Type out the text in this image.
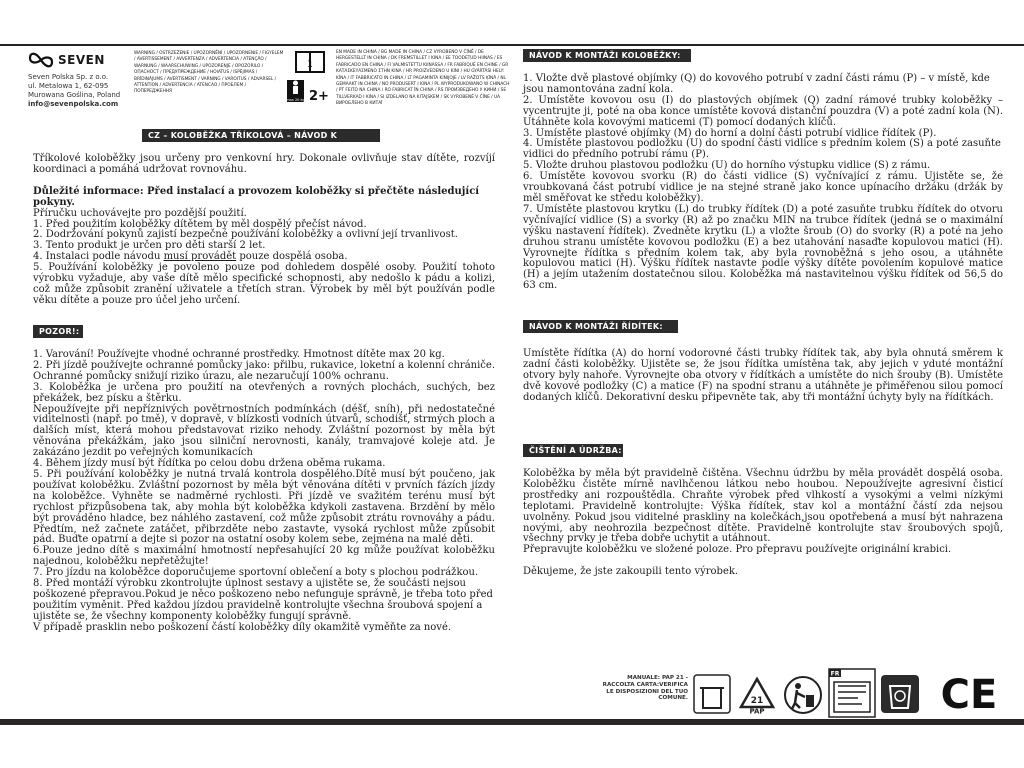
SEVEN
Seven Polska Sp. z o.o.
ul. Metalowa 1, 62-095
Murowana Goślina, Poland
info@sevenpolska.com
WARNING / OSTRZEŻENIE / UPOZORNĚNÍ / UPOZORNENIE / FIGYELEM / AVERTISSEMENT / AVVERTENZA / ADVERTENCIA / ATENÇÃO / WARNUNG / WAARSCHUWING / UPOZORENJE / OPOZORILO / ОПАСНОСТ / ПРЕДУПРЕЖДЕНИЕ / HOIATUS / ISPĖJIMAS / BRĪDINĀJUMS / AVERTISMENT / VARNING / VAROITUS / ADVARSEL / ATTENTION / ADVERTENCIA / ATENCAO / ПРОБЛЕМ / ПОПЕРЕДЖЕННЯ
i
max 20 kg 2+
EN MADE IN CHINA / BG MADE IN CHINA / CZ VYROBENO V ČÍNĚ / DE HERGESTELLT IN CHINA / DK FREMSTILLET I KINA / EE TOODETUD HIINAS / ES FABRICADO EN CHINA / FI VALMISTETTU KIINASSA / FR FABRIQUÉ EN CHINE / GR ΚΑΤΑΣΚΕΥΑΣΜΕΝΟ ΣΤΗΝ ΚΙΝΑ / HR PROIZVEDENO U KINI / HU GYÁRTÁSI HELY: KÍNA / IT FABBRICATO IN CHINA / LT PAGAMINTA KINIJOJE / LV RAŽOTS ĶĪNĀ / NL GEMAAKT IN CHINA / NO PRODUSERT I KINA / PL WYPRODUKOWANO W CHINACH / PT FEITO NA CHINA / RO FABRICAT ÎN CHINA / RS ПРОИЗВЕДЕНО У КИНИ / SE TILLVERKAD I KINA / SI IZDELANO NA KITAJSKEM / SK VYROBENÉ V ČÍNE / UA ВИРОБЛЕНО В КИТАЇ
CZ – KOLOBĚŽKA TŘÍKOLOVÁ – NÁVOD K OBSLUZE

Tříkolové koloběžky jsou určeny pro venkovní hry. Dokonale ovlivňuje stav dítěte, rozvíjí koordinaci a pomáhá udržovat rovnováhu.

Důležité informace: Před instalací a provozem koloběžky si přečtěte následující pokyny.

Příručku uchovávejte pro pozdější použití.

1. Před použitím koloběžky dítětem by měl dospělý přečíst návod.

2. Dodržování pokynů zajistí bezpečné používání koloběžky a ovlivní její trvanlivost.

3. Tento produkt je určen pro děti starší 2 let.

4. Instalaci podle návodu musí provádět pouze dospělá osoba.

5. Používání koloběžky je povoleno pouze pod dohledem dospělé osoby. Použití tohoto výrobku vyžaduje, aby vaše dítě mělo specifické schopnosti, aby nedošlo k pádu a kolizi, což může způsobit zranění uživatele a třetích stran. Výrobek by měl být používán podle věku dítěte a pouze pro účel jeho určení.

POZOR!:

1. Varování! Používejte vhodné ochranné prostředky. Hmotnost dítěte max 20 kg.

2. Při jízdě používejte ochranné pomůcky jako: přilbu, rukavice, loketní a kolenní chrániče. Ochranné pomůcky snižují riziko úrazu, ale nezaručují 100% ochranu.

3. Koloběžka je určena pro použití na otevřených a rovných plochách, suchých, bez překážek, bez písku a štěrku.

Nepoužívejte při nepříznivých povětrnostních podmínkách (déšť, sníh), při nedostatečné viditelnosti (např. po tmě), v dopravě, v blízkosti vodních útvarů, schodišť, strmých ploch a dalších míst, která mohou představovat riziko nehody. Zvláštní pozornost by měla být věnována překážkám, jako jsou silniční nerovnosti, kanály, tramvajové koleje atd. Je zakázáno jezdit po veřejných komunikacích

4. Během jízdy musí být řídítka po celou dobu držena oběma rukama.

5. Při používání koloběžky je nutná trvalá kontrola dospělého.Dítě musí být poučeno, jak používat koloběžku. Zvláštní pozornost by měla být věnována dítěti v prvních fázích jízdy na koloběžce. Vyhněte se nadměrné rychlosti. Při jízdě ve svažitém terénu musí být rychlost přizpůsobena tak, aby mohla být koloběžka kdykoli zastavena. Brzdění by mělo být prováděno hladce, bez náhlého zastavení, což může způsobit ztrátu rovnováhy a pádu. Předtím, než začnete zatáčet, přibrzděte nebo zastavte, vysoká rychlost může způsobit pád. Buďte opatrní a dejte si pozor na ostatní osoby kolem sebe, zejména na malé děti.

6.Pouze jedno dítě s maximální hmotností nepřesahující 20 kg může používat koloběžku najednou, koloběžku nepřetěžujte!

7. Pro jízdu na koloběžce doporučujeme sportovní oblečení a boty s plochou podrážkou.

8. Před montáží výrobku zkontrolujte úplnost sestavy a ujistěte se, že součásti nejsou poškozené přepravou.Pokud je něco poškozeno nebo nefunguje správně, je třeba toto před použitím vyměnit. Před každou jízdou pravidelně kontrolujte všechna šroubová spojení a ujistěte se, že všechny komponenty koloběžky fungují správně.

V případě prasklin nebo poškození částí koloběžky díly okamžitě vyměňte za nové.

NÁVOD K MONTÁŽI KOLOBĚŽKY:

1. Vložte dvě plastové objímky (Q) do kovového potrubí v zadní části rámu (P) – v místě, kde jsou namontována zadní kola.

2. Umístěte kovovou osu (I) do plastových objímek (Q) zadní rámové trubky koloběžky – vycentrujte ji, poté na oba konce umístěte kovová distanční pouzdra (V) a poté zadní kola (N). Utáhněte kola kovovými maticemi (T) pomocí dodaných klíčů.

3. Umístěte plastové objímky (M) do horní a dolní části potrubí vidlice řídítek (P).

4. Umístěte plastovou podložku (U) do spodní části vidlice s předním kolem (S) a poté zasuňte vidlici do předního potrubí rámu (P).

5. Vložte druhou plastovou podložku (U) do horního výstupku vidlice (S) z rámu.

6. Umístěte kovovou svorku (R) do části vidlice (S) vyčnívající z rámu. Ujistěte se, že vroubkovaná část potrubí vidlice je na stejné straně jako konce upínacího držáku (držák by měl směřovat ke středu koloběžky).

7. Umístěte plastovou krytku (L) do trubky řídítek (D) a poté zasuňte trubku řídítek do otvoru vyčnívající vidlice (S) a svorky (R) až po značku MIN na trubce řídítek (jedná se o maximální výšku nastavení řídítek). Zvedněte krytku (L) a vložte šroub (O) do svorky (R) a poté na jeho druhou stranu umístěte kovovou podložku (E) a bez utahování nasaďte kopulovou matici (H). Vyrovnejte řídítka s předním kolem tak, aby byla rovnoběžná s jeho osou, a utáhněte kopulovou matici (H). Výšku řídítek nastavte podle výšky dítěte povolením kopulové matice (H) a jejím utažením dostatečnou silou. Koloběžka má nastavitelnou výšku řídítek od 56,5 do 63 cm.

NÁVOD K MONTÁŽI ŘÍDÍTEK:

Umístěte řídítka (A) do horní vodorovné části trubky řídítek tak, aby byla ohnutá směrem k zadní části koloběžky. Ujistěte se, že jsou řídítka umístěna tak, aby jejich v yduté montážní otvory byly nahoře. Vyrovnejte oba otvory v řídítkách a umístěte do nich šrouby (B). Umístěte dvě kovové podložky (C) a matice (F) na spodní stranu a utáhněte je přiměřenou silou pomocí dodaných klíčů. Dekorativní desku připevněte tak, aby tři montážní úchyty byly na řídítkách.

ČIŠTĚNÍ A ÚDRŽBA:

Koloběžka by měla být pravidelně čištěna. Všechnu údržbu by měla provádět dospělá osoba. Koloběžku čistěte mírně navlhčenou látkou nebo houbou. Nepoužívejte agresivní čisticí prostředky ani rozpouštědla. Chraňte výrobek před vlhkostí a vysokými a velmi nízkými teplotami. Pravidelně kontrolujte: Výška řídítek, stav kol a montážní částí zda nejsou uvolněny. Pokud jsou viditelné praskliny na kolečkách,jsou opotřebená a musí být nahrazena novými, aby neohrozila bezpečnost dítěte. Pravidelně kontrolujte stav šroubových spojů, všechny prvky je třeba dobře uchytit a utáhnout.

Přepravujte koloběžku ve složené poloze. Pro přepravu používejte originální krabici.

Děkujeme, že jste zakoupili tento výrobek.

MANUALE: PAP 21 - RACCOLTA CARTA:VERIFICA LE DISPOSIZIONI DEL TUO COMUNE.	21
PAP
FR	CE
